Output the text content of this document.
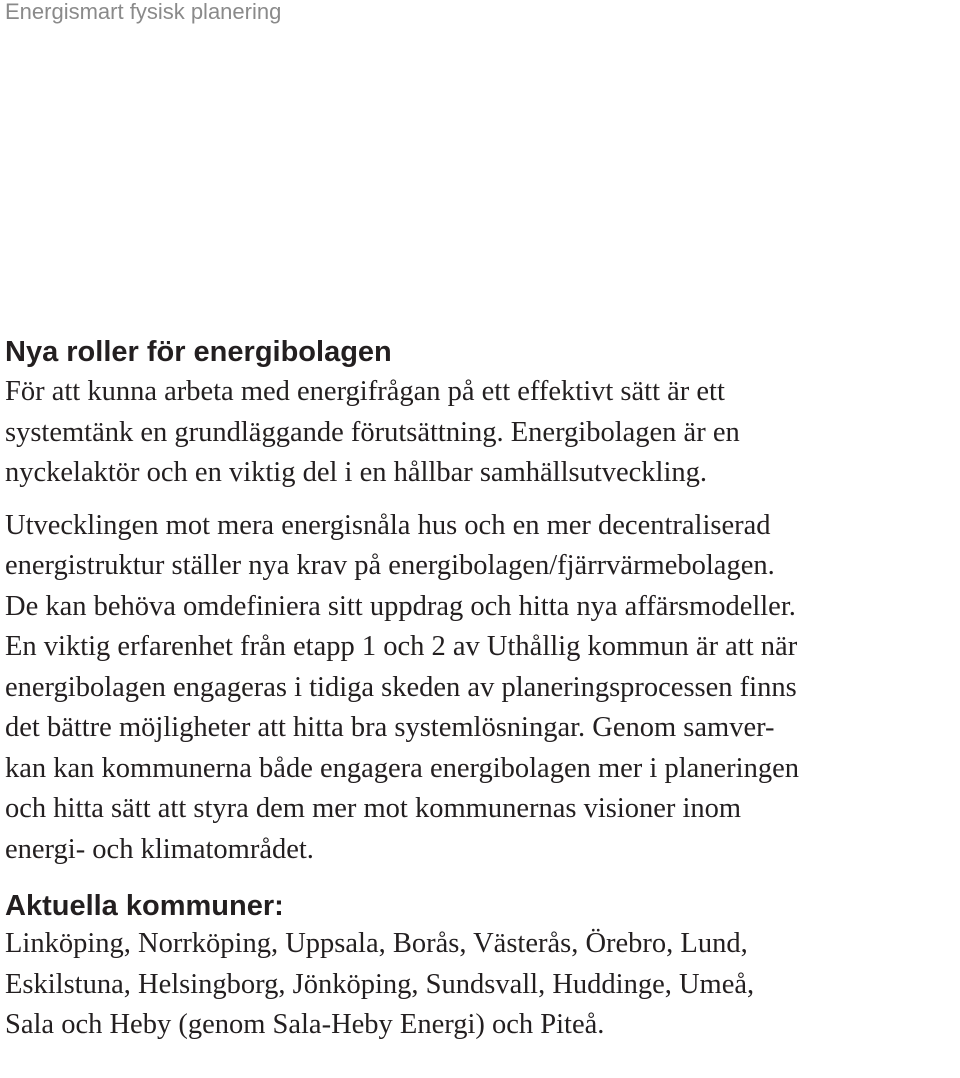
Energismart fysisk planering
Nya roller för energibolagen

För att kunna arbeta med energifrågan på ett effektivt sätt är ett
systemtänk en grundläggande förutsättning. Energibolagen är en
nyckelaktör och en viktig del i en hållbar samhällsutveckling.

Utvecklingen mot mera energisnåla hus och en mer decentraliserad
energistruktur ställer nya krav på energibolagen/fjärrvärmebolagen.
De kan behöva omdefiniera sitt uppdrag och hitta nya affärsmodeller.
En viktig erfarenhet från etapp 1 och 2 av Uthållig kommun är att när
energibolagen engageras i tidiga skeden av planeringsprocessen finns
det bättre möjligheter att hitta bra systemlösningar. Genom samver-
kan kan kommunerna både engagera energibolagen mer i planeringen
och hitta sätt att styra dem mer mot kommunernas visioner inom
energi- och klimatområdet.

Aktuella kommuner:

Linköping, Norrköping, Uppsala, Borås, Västerås, Örebro, Lund,
Eskilstuna, Helsingborg, Jönköping, Sundsvall, Huddinge, Umeå,
Sala och Heby (genom Sala-Heby Energi) och Piteå.
